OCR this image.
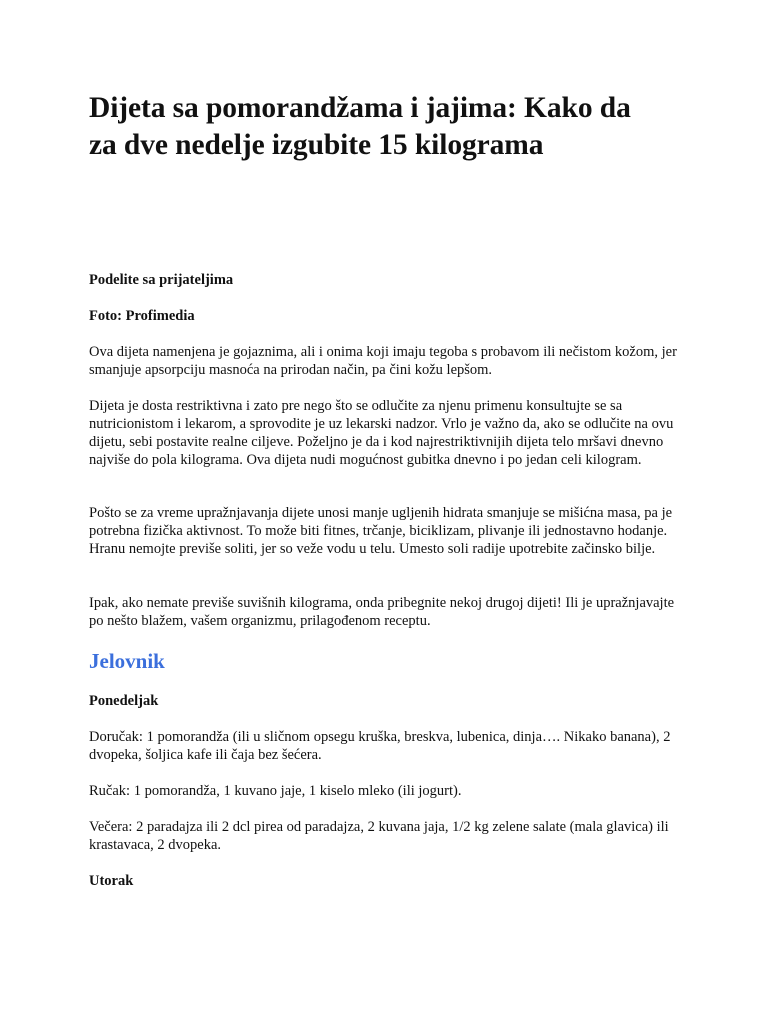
Dijeta sa pomorandžama i jajima: Kako da
za dve nedelje izgubite 15 kilograma
Podelite sa prijateljima
Foto: Profimedia

Ova dijeta namenjena je gojaznima, ali i onima koji imaju tegoba s probavom ili nečistom kožom, jer smanjuje apsorpciju masnoća na prirodan način, pa čini kožu lepšom.

Dijeta je dosta restriktivna i zato pre nego što se odlučite za njenu primenu konsultujte se sa nutricionistom i lekarom, a sprovodite je uz lekarski nadzor. Vrlo je važno da, ako se odlučite na ovu dijetu, sebi postavite realne ciljeve. Poželjno je da i kod najrestriktivnijih dijeta telo mršavi dnevno najviše do pola kilograma. Ova dijeta nudi mogućnost gubitka dnevno i po jedan celi kilogram.

Pošto se za vreme upražnjavanja dijete unosi manje ugljenih hidrata smanjuje se mišićna masa, pa je potrebna fizička aktivnost. To može biti fitnes, trčanje, biciklizam, plivanje ili jednostavno hodanje. Hranu nemojte previše soliti, jer so veže vodu u telu. Umesto soli radije upotrebite začinsko bilje.

Ipak, ako nemate previše suvišnih kilograma, onda pribegnite nekoj drugoj dijeti! Ili je upražnjavajte po nešto blažem, vašem organizmu, prilagođenom receptu.

Jelovnik
Ponedeljak

Doručak: 1 pomorandža (ili u sličnom opsegu kruška, breskva, lubenica, dinja…. Nikako banana), 2 dvopeka, šoljica kafe ili čaja bez šećera.

Ručak: 1 pomorandža, 1 kuvano jaje, 1 kiselo mleko (ili jogurt).

Večera: 2 paradajza ili 2 dcl pirea od paradajza, 2 kuvana jaja, 1/2 kg zelene salate (mala glavica) ili krastavaca, 2 dvopeka.

Utorak
